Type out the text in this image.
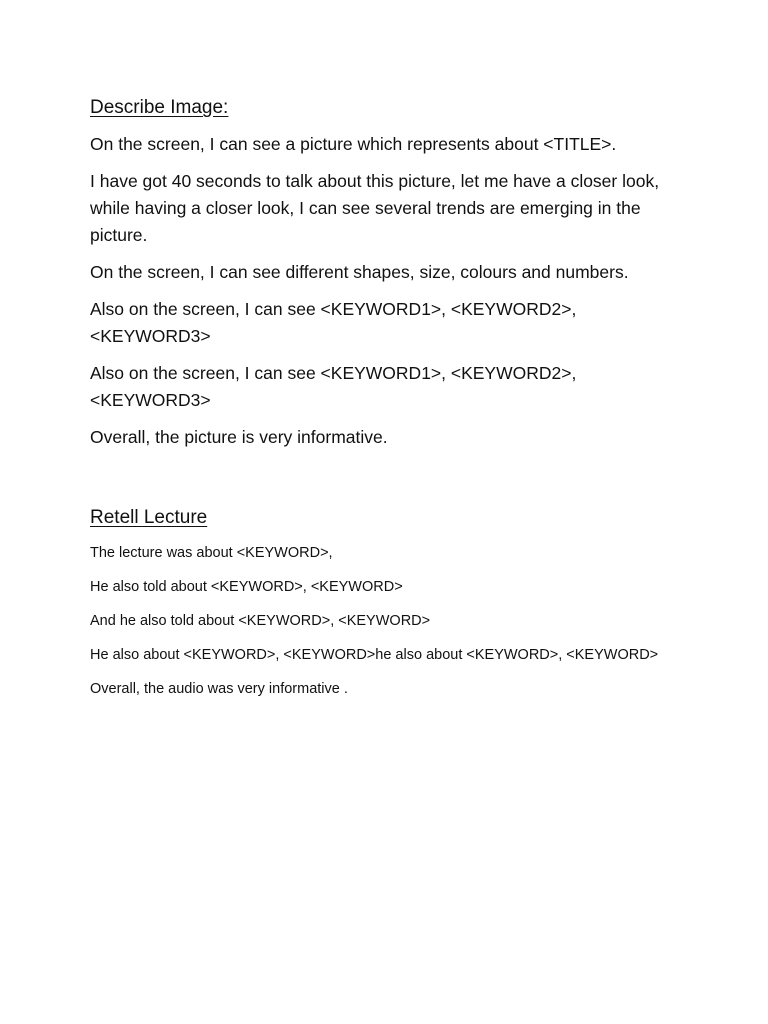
Describe Image:

On the screen, I can see a picture which represents about <TITLE>.

I have got 40 seconds to talk about this picture, let me have a closer look, while having a closer look, I can see several trends are emerging in the picture.

On the screen, I can see different shapes, size, colours and numbers.

Also on the screen, I can see <KEYWORD1>, <KEYWORD2>, <KEYWORD3>

Also on the screen, I can see <KEYWORD1>, <KEYWORD2>, <KEYWORD3>

Overall, the picture is very informative.

Retell Lecture

The lecture was about <KEYWORD>,

He also told about <KEYWORD>, <KEYWORD>

And he also told about <KEYWORD>, <KEYWORD>

He also about <KEYWORD>, <KEYWORD>he also about <KEYWORD>, <KEYWORD>

Overall, the audio was very informative .
